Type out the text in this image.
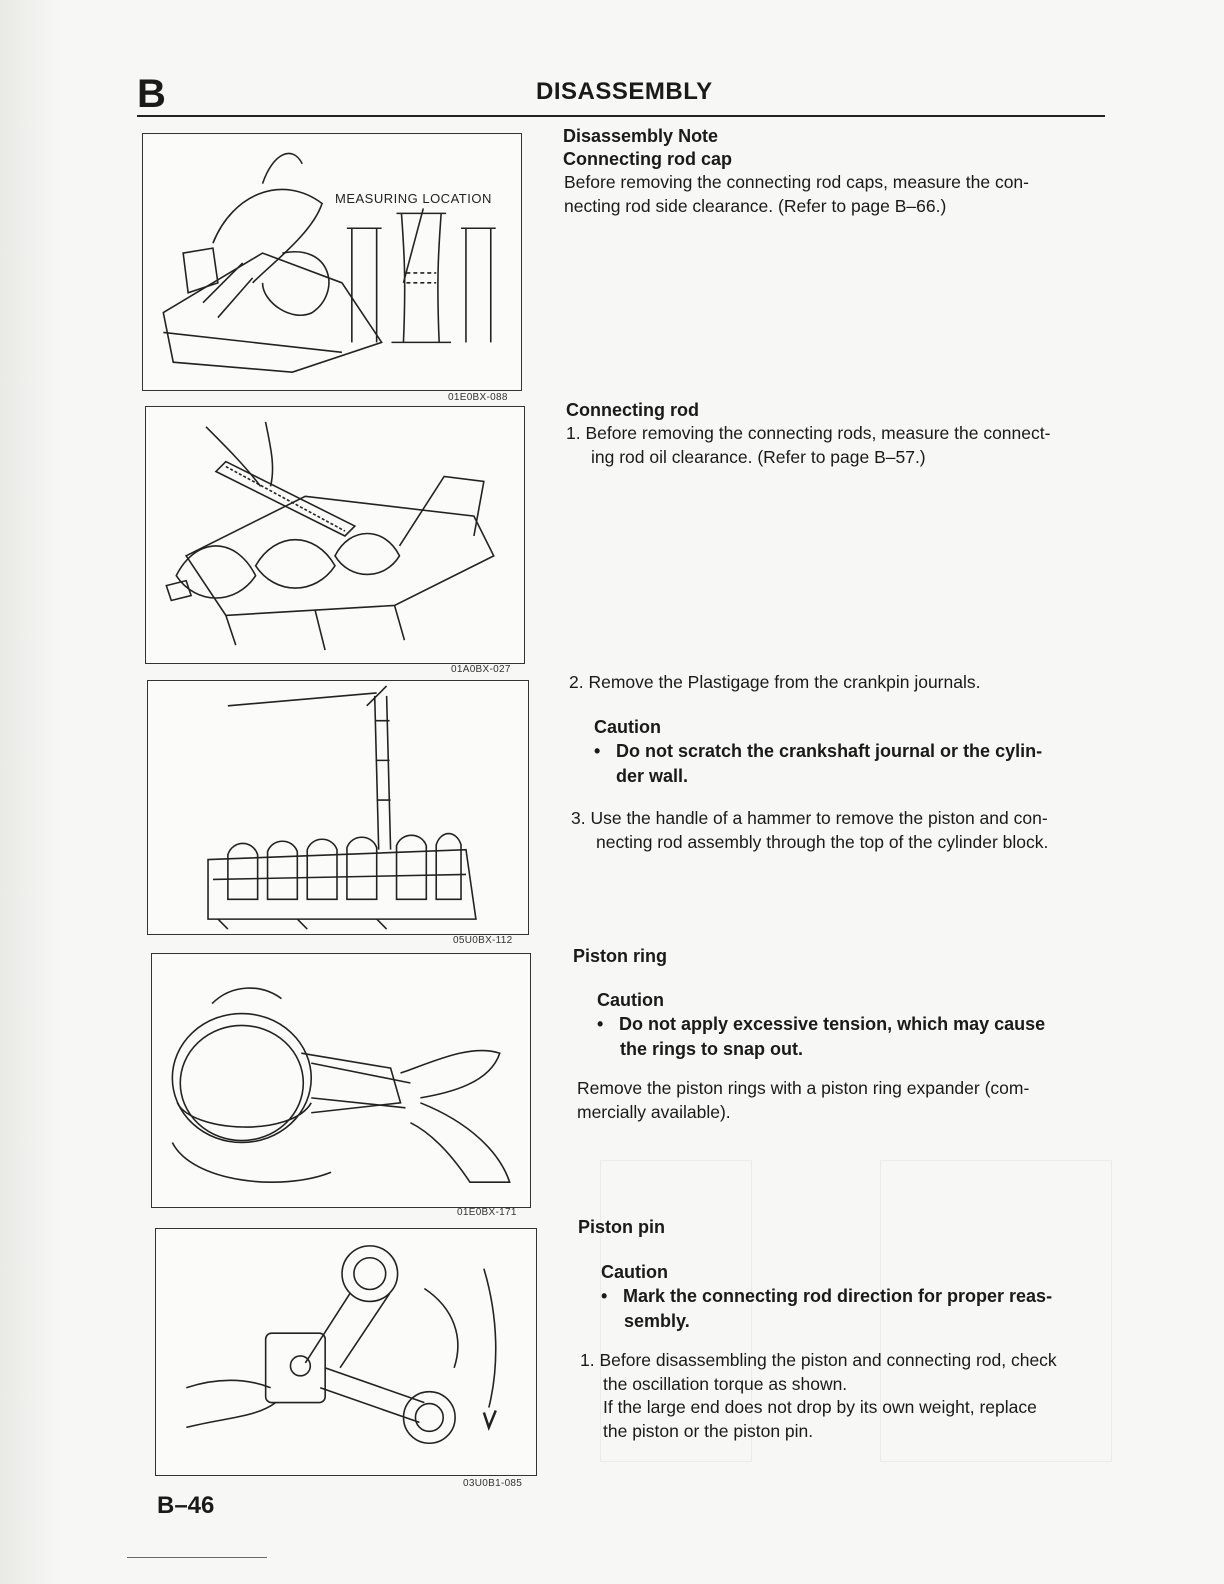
B	DISASSEMBLY
MEASURING LOCATION
01E0BX-088
01A0BX-027
05U0BX-112
01E0BX-171
03U0B1-085
Disassembly Note
Connecting rod cap
Before removing the connecting rod caps, measure the con-
necting rod side clearance. (Refer to page B–66.)
Connecting rod
1. Before removing the connecting rods, measure the connect-
ing rod oil clearance. (Refer to page B–57.)
2. Remove the Plastigage from the crankpin journals.
Caution
• Do not scratch the crankshaft journal or the cylin-
der wall.
3. Use the handle of a hammer to remove the piston and con-
necting rod assembly through the top of the cylinder block.
Piston ring
Caution
• Do not apply excessive tension, which may cause
the rings to snap out.
Remove the piston rings with a piston ring expander (com-
mercially available).
Piston pin
Caution
• Mark the connecting rod direction for proper reas-
sembly.
1. Before disassembling the piston and connecting rod, check
the oscillation torque as shown.
If the large end does not drop by its own weight, replace
the piston or the piston pin.
B–46
